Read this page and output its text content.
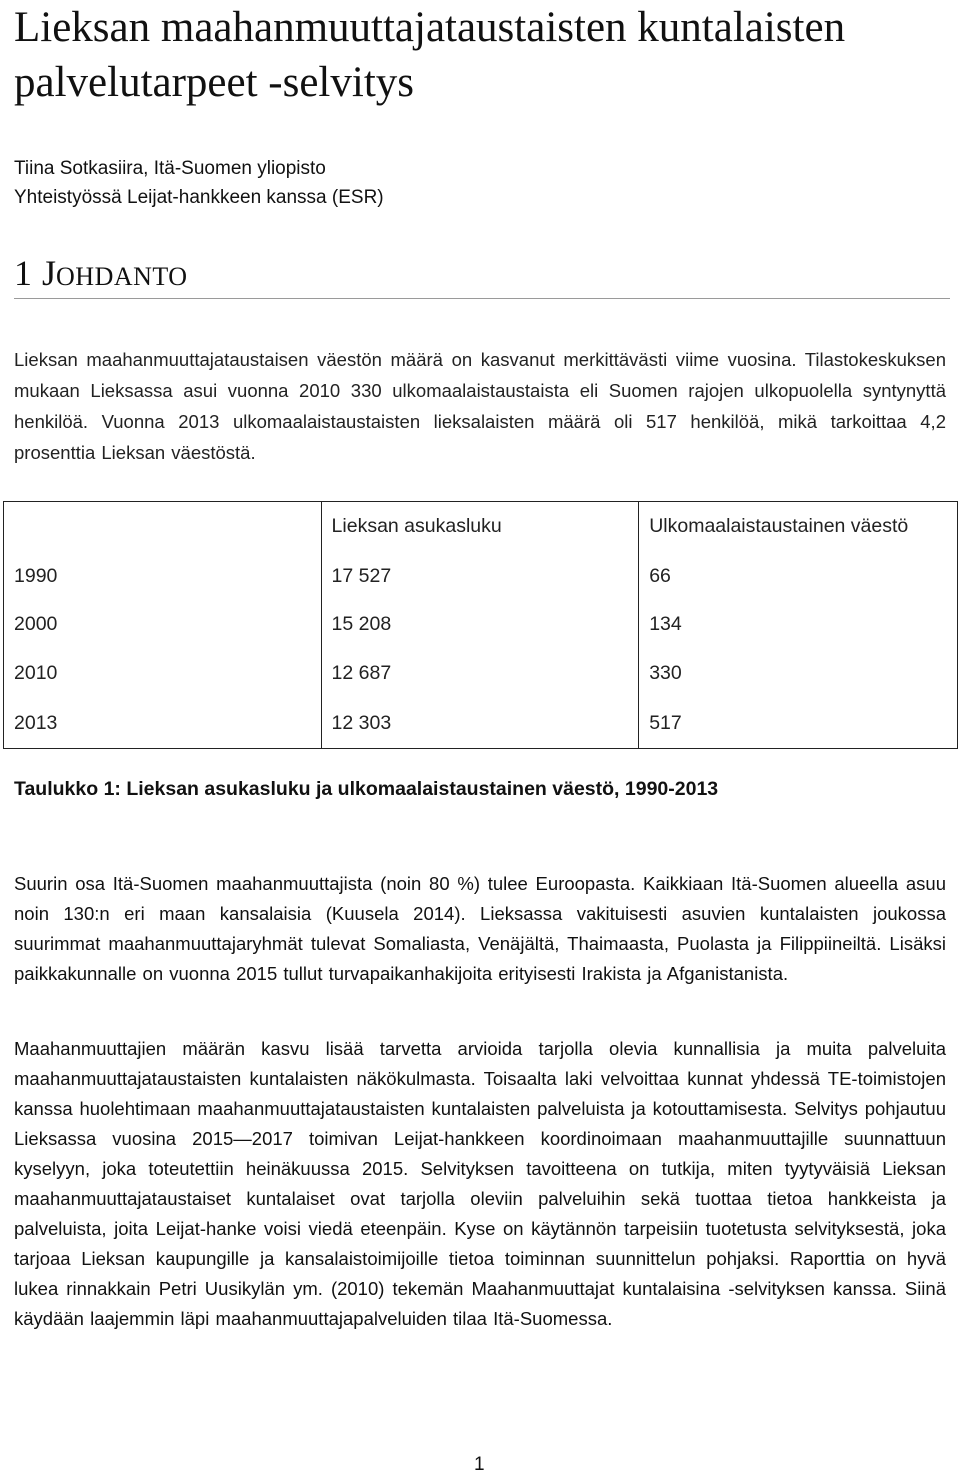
Lieksan maahanmuuttajataustaisten kuntalaisten palvelutarpeet -selvitys
Tiina Sotkasiira, Itä-Suomen yliopisto
Yhteistyössä Leijat-hankkeen kanssa (ESR)
1 JOHDANTO

Lieksan maahanmuuttajataustaisen väestön määrä on kasvanut merkittävästi viime vuosina. Tilastokeskuksen mukaan Lieksassa asui vuonna 2010 330 ulkomaalaistaustaista eli Suomen rajojen ulkopuolella syntynyttä henkilöä. Vuonna 2013 ulkomaalaistaustaisten lieksalaisten määrä oli 517 henkilöä, mikä tarkoittaa 4,2 prosenttia Lieksan väestöstä.

	Lieksan asukasluku	Ulkomaalaistaustainen väestö
1990	17 527	66
2000	15 208	134
2010	12 687	330
2013	12 303	517
Taulukko 1: Lieksan asukasluku ja ulkomaalaistaustainen väestö, 1990-2013

Suurin osa Itä-Suomen maahanmuuttajista (noin 80 %) tulee Euroopasta. Kaikkiaan Itä-Suomen alueella asuu noin 130:n eri maan kansalaisia (Kuusela 2014). Lieksassa vakituisesti asuvien kuntalaisten joukossa suurimmat maahanmuuttajaryhmät tulevat Somaliasta, Venäjältä, Thaimaasta, Puolasta ja Filippiineiltä. Lisäksi paikkakunnalle on vuonna 2015 tullut turvapaikanhakijoita erityisesti Irakista ja Afganistanista.

Maahanmuuttajien määrän kasvu lisää tarvetta arvioida tarjolla olevia kunnallisia ja muita palveluita maahanmuuttajataustaisten kuntalaisten näkökulmasta. Toisaalta laki velvoittaa kunnat yhdessä TE-toimistojen kanssa huolehtimaan maahanmuuttajataustaisten kuntalaisten palveluista ja kotouttamisesta. Selvitys pohjautuu Lieksassa vuosina 2015—2017 toimivan Leijat-hankkeen koordinoimaan maahanmuuttajille suunnattuun kyselyyn, joka toteutettiin heinäkuussa 2015. Selvityksen tavoitteena on tutkija, miten tyytyväisiä Lieksan maahanmuuttajataustaiset kuntalaiset ovat tarjolla oleviin palveluihin sekä tuottaa tietoa hankkeista ja palveluista, joita Leijat-hanke voisi viedä eteenpäin. Kyse on käytännön tarpeisiin tuotetusta selvityksestä, joka tarjoaa Lieksan kaupungille ja kansalaistoimijoille tietoa toiminnan suunnittelun pohjaksi. Raporttia on hyvä lukea rinnakkain Petri Uusikylän ym. (2010) tekemän Maahanmuuttajat kuntalaisina -selvityksen kanssa. Siinä käydään laajemmin läpi maahanmuuttajapalveluiden tilaa Itä-Suomessa.

1
